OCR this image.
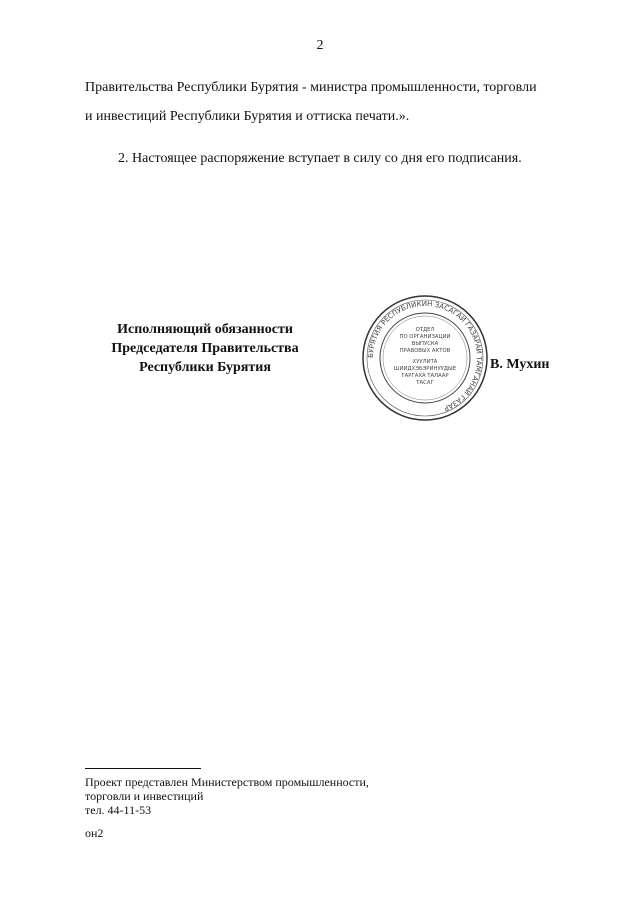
2
Правительства Республики Бурятия - министра промышленности, торговли
и инвестиций Республики Бурятия и оттиска печати.».
2. Настоящее распоряжение вступает в силу со дня его подписания.
Исполняющий обязанности
Председателя Правительства
Республики Бурятия
БУРЯТИЯ РЕСПУБЛИКИН ЗАСАГАЙ ГАЗАРАЙ ТАМГАНАЙ ГАЗАР
ОТДЕЛ
ПО ОРГАНИЗАЦИИ
ВЫПУСКА
ПРАВОВЫХ АКТОВ
ХУУЛИТА
ШИИДХЭБЭРИНУУДЫЕ
ГАРГАХА ТАЛААР
ТАСАГ
В. Мухин
Проект представлен Министерством промышленности,
торговли и инвестиций
тел. 44-11-53
он2
